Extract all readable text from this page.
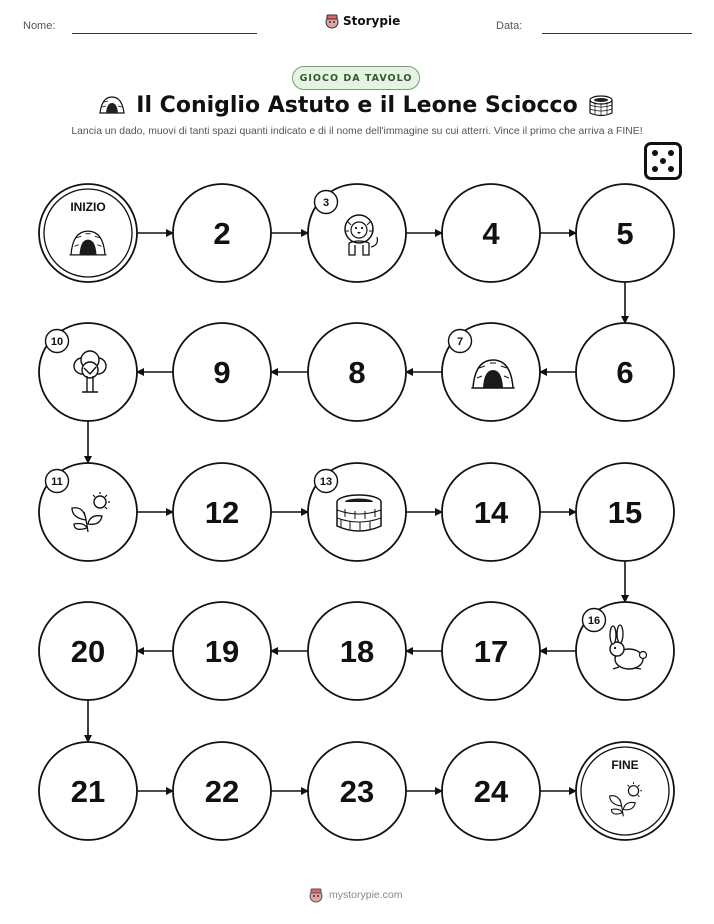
Nome:	Storypie	Data:
GIOCO DA TAVOLO
Il Coniglio Astuto e il Leone Sciocco
Lancia un dado, muovi di tanti spazi quanti indicato e di il nome dell'immagine su cui atterri. Vince il primo che arriva a FINE!
INIZIO
2
3
4	5
6
7
8
9
10
11
12
13
14	15
16
17
18
19
20
21	22	23	24
FINE
mystorypie.com
